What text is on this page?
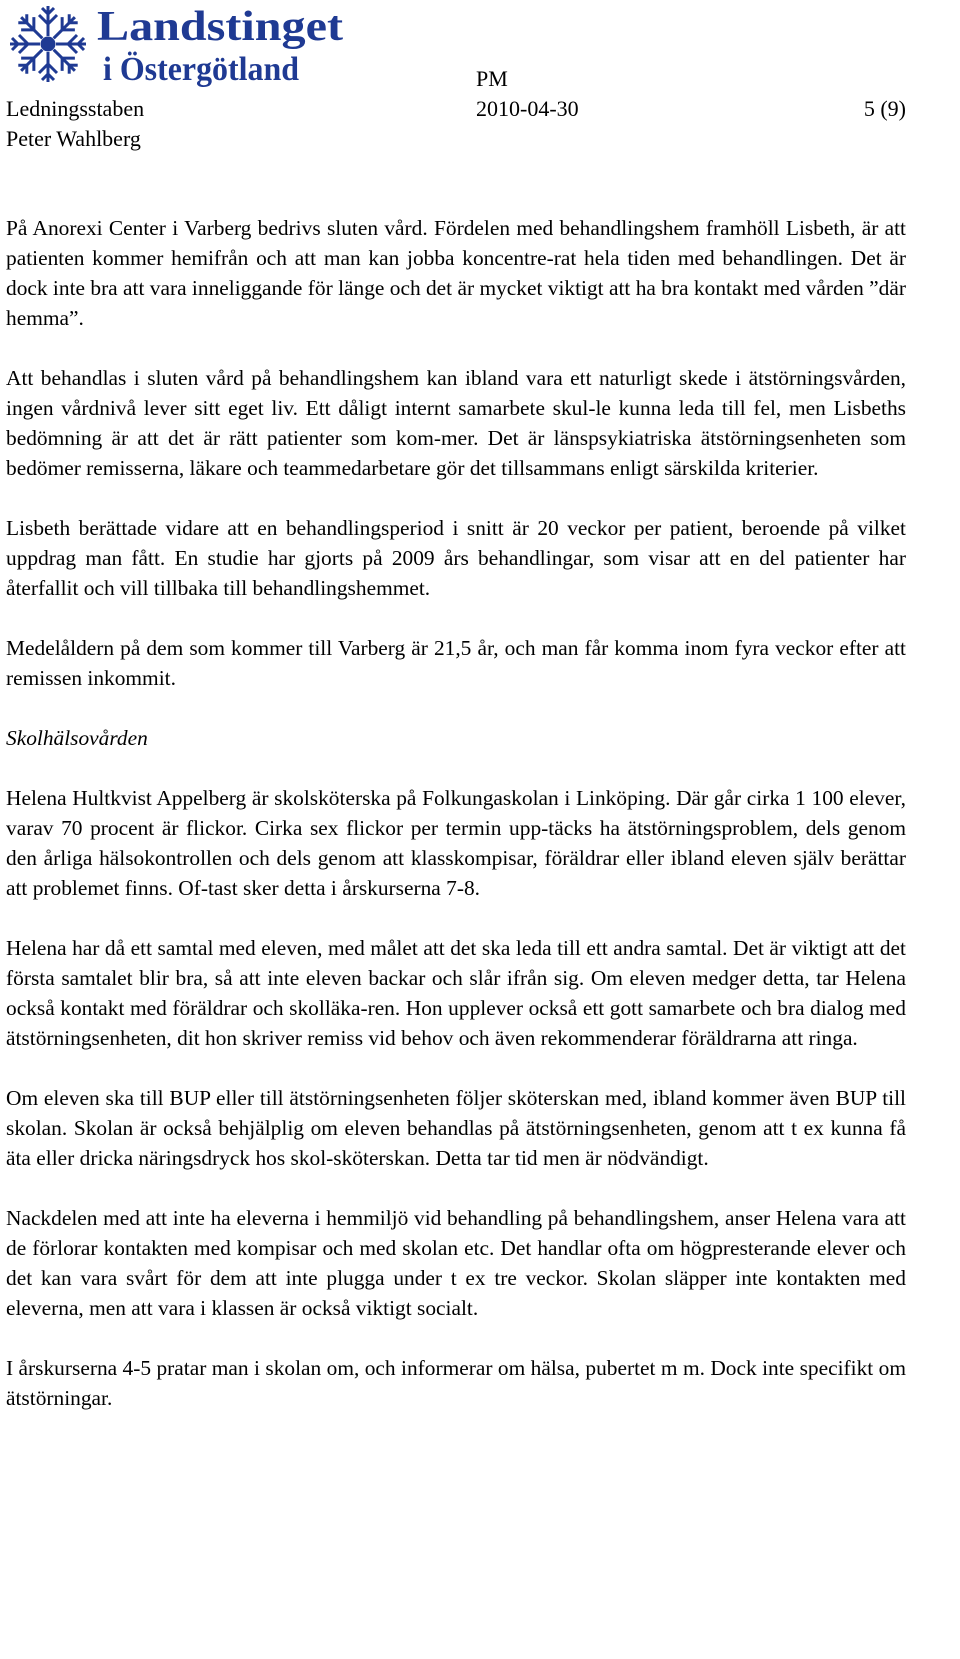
Landstinget
i Östergötland	PM
Ledningsstaben	2010-04-30	5 (9)
Peter Wahlberg

På Anorexi Center i Varberg bedrivs sluten vård. Fördelen med behandlingshem framhöll Lisbeth, är att patienten kommer hemifrån och att man kan jobba koncentre-rat hela tiden med behandlingen. Det är dock inte bra att vara inneliggande för länge och det är mycket viktigt att ha bra kontakt med vården ”där hemma”.

Att behandlas i sluten vård på behandlingshem kan ibland vara ett naturligt skede i ätstörningsvården, ingen vårdnivå lever sitt eget liv. Ett dåligt internt samarbete skul-le kunna leda till fel, men Lisbeths bedömning är att det är rätt patienter som kom-mer. Det är länspsykiatriska ätstörningsenheten som bedömer remisserna, läkare och teammedarbetare gör det tillsammans enligt särskilda kriterier.

Lisbeth berättade vidare att en behandlingsperiod i snitt är 20 veckor per patient, beroende på vilket uppdrag man fått. En studie har gjorts på 2009 års behandlingar, som visar att en del patienter har återfallit och vill tillbaka till behandlingshemmet.

Medelåldern på dem som kommer till Varberg är 21,5 år, och man får komma inom fyra veckor efter att remissen inkommit.

Skolhälsovården

Helena Hultkvist Appelberg är skolsköterska på Folkungaskolan i Linköping. Där går cirka 1 100 elever, varav 70 procent är flickor. Cirka sex flickor per termin upp-täcks ha ätstörningsproblem, dels genom den årliga hälsokontrollen och dels genom att klasskompisar, föräldrar eller ibland eleven själv berättar att problemet finns. Of-tast sker detta i årskurserna 7-8.

Helena har då ett samtal med eleven, med målet att det ska leda till ett andra samtal. Det är viktigt att det första samtalet blir bra, så att inte eleven backar och slår ifrån sig. Om eleven medger detta, tar Helena också kontakt med föräldrar och skolläka-ren. Hon upplever också ett gott samarbete och bra dialog med ätstörningsenheten, dit hon skriver remiss vid behov och även rekommenderar föräldrarna att ringa.

Om eleven ska till BUP eller till ätstörningsenheten följer sköterskan med, ibland kommer även BUP till skolan. Skolan är också behjälplig om eleven behandlas på ätstörningsenheten, genom att t ex kunna få äta eller dricka näringsdryck hos skol-sköterskan. Detta tar tid men är nödvändigt.

Nackdelen med att inte ha eleverna i hemmiljö vid behandling på behandlingshem, anser Helena vara att de förlorar kontakten med kompisar och med skolan etc. Det handlar ofta om högpresterande elever och det kan vara svårt för dem att inte plugga under t ex tre veckor. Skolan släpper inte kontakten med eleverna, men att vara i klassen är också viktigt socialt.

I årskurserna 4-5 pratar man i skolan om, och informerar om hälsa, pubertet m m. Dock inte specifikt om ätstörningar.
